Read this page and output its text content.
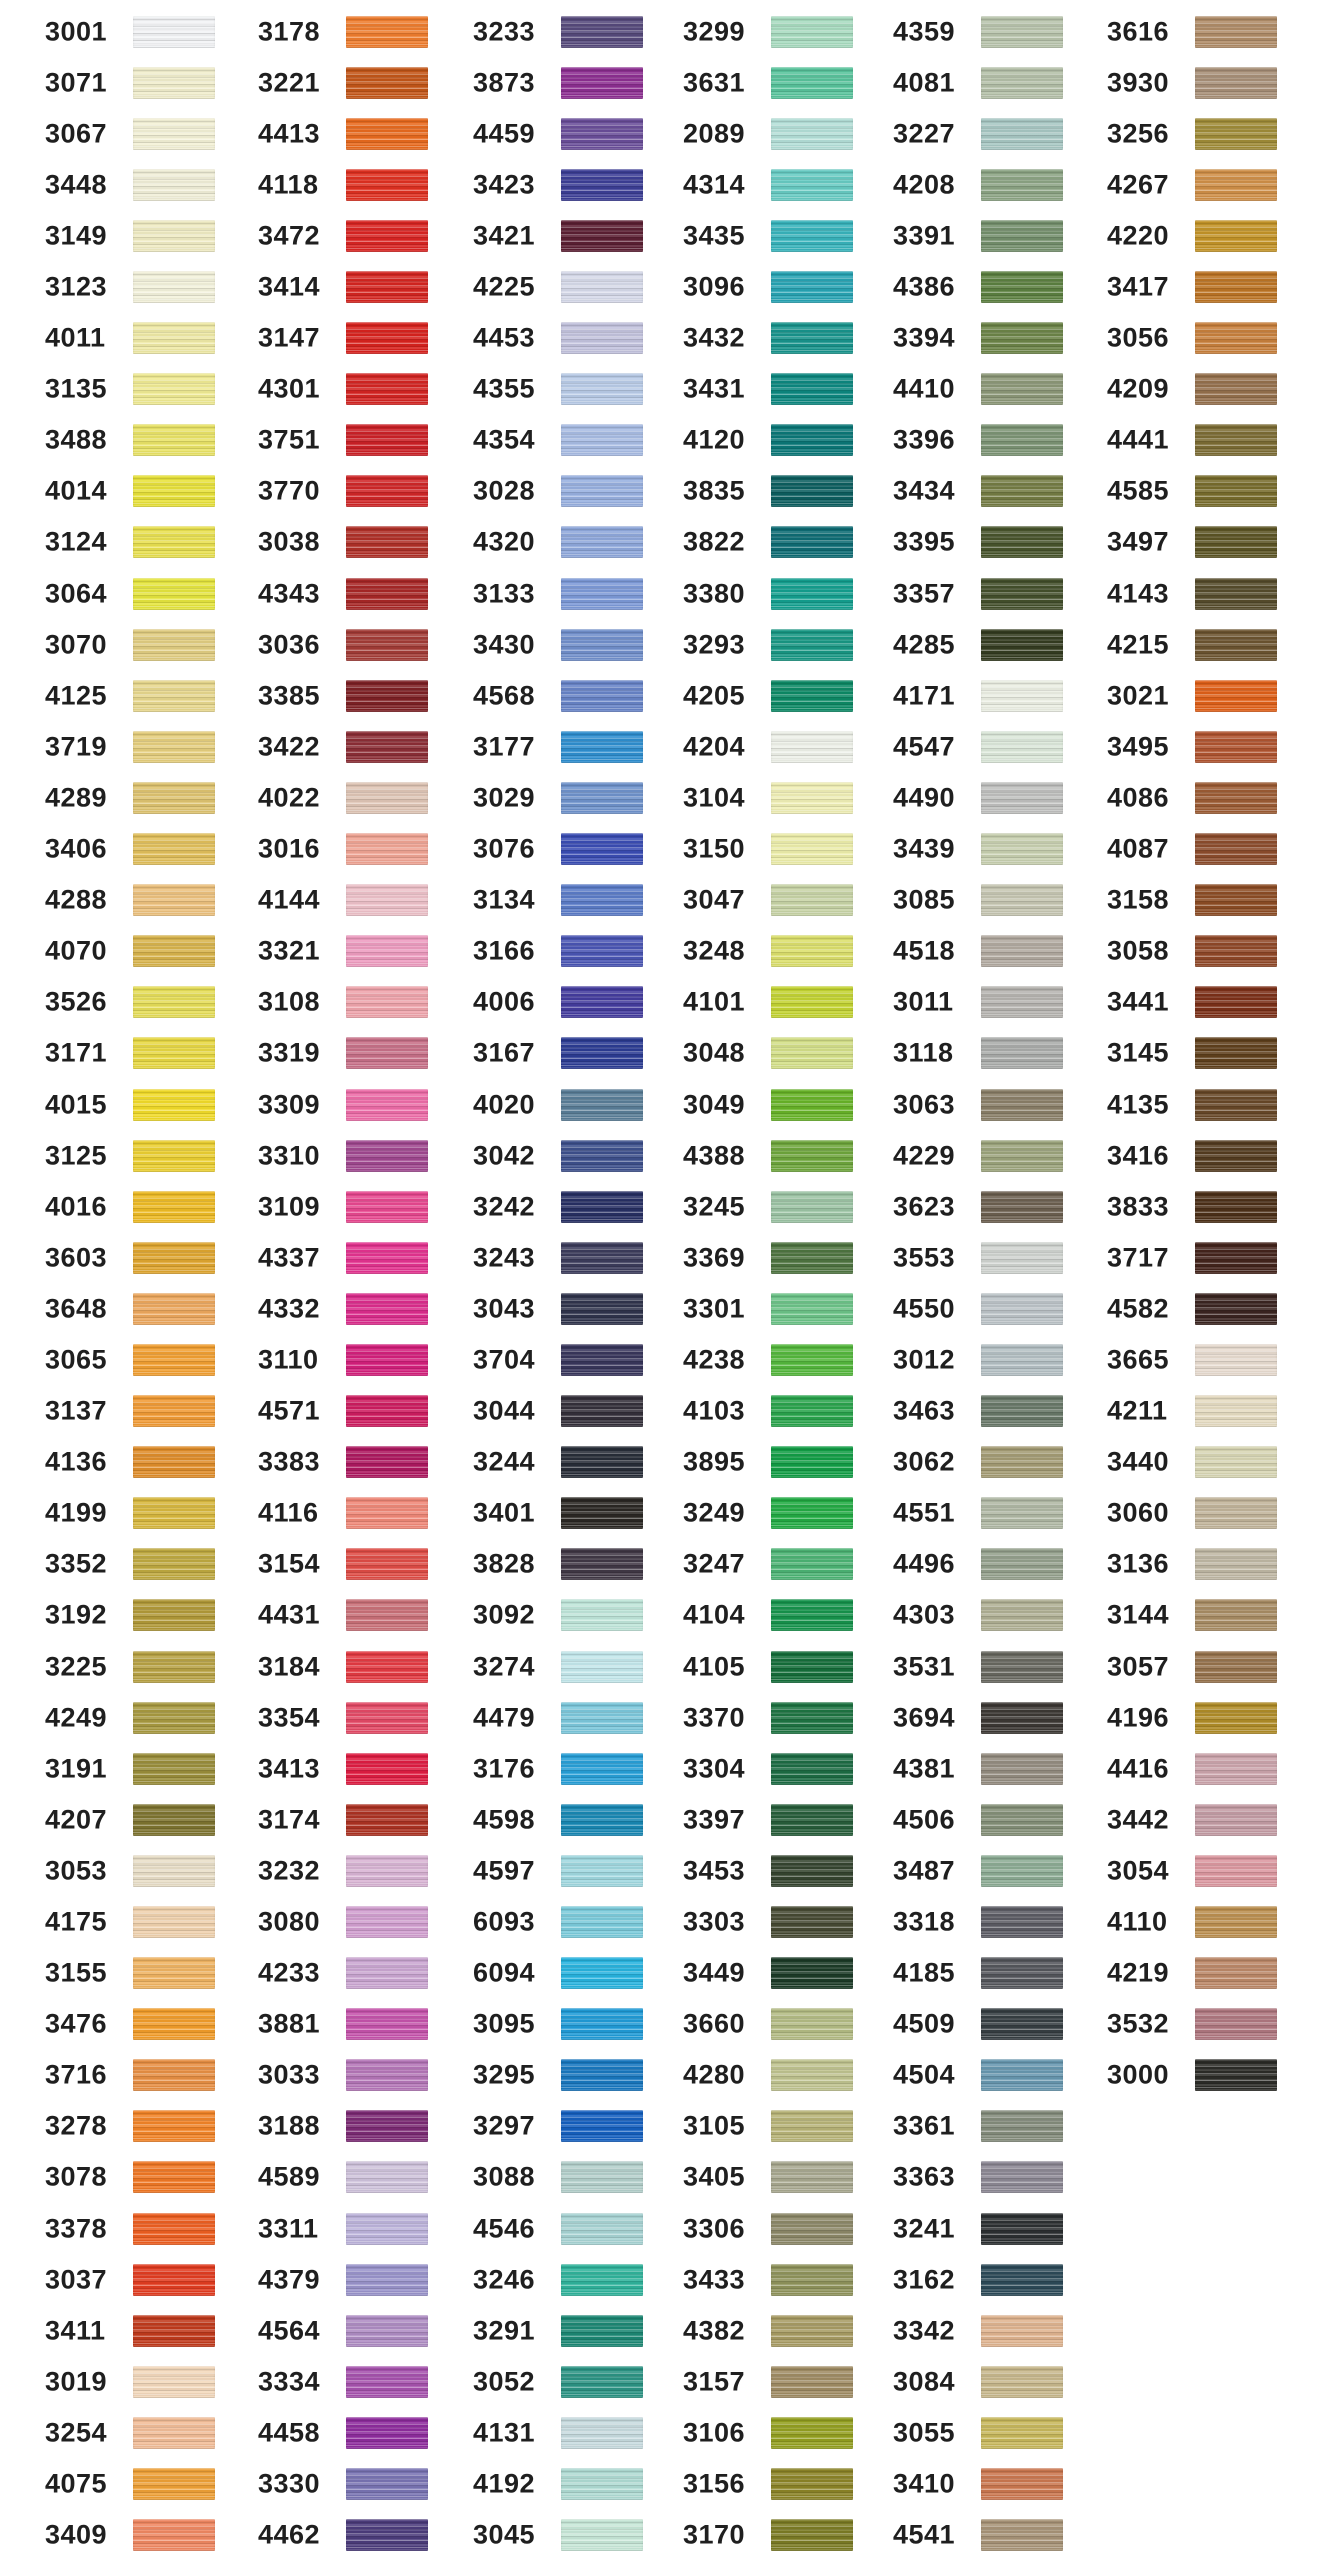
3001
3071
3067
3448
3149
3123
4011
3135
3488
4014
3124
3064
3070
4125
3719
4289
3406
4288
4070
3526
3171
4015
3125
4016
3603
3648
3065
3137
4136
4199
3352
3192
3225
4249
3191
4207
3053
4175
3155
3476
3716
3278
3078
3378
3037
3411
3019
3254
4075
3409
3178
3221
4413
4118
3472
3414
3147
4301
3751
3770
3038
4343
3036
3385
3422
4022
3016
4144
3321
3108
3319
3309
3310
3109
4337
4332
3110
4571
3383
4116
3154
4431
3184
3354
3413
3174
3232
3080
4233
3881
3033
3188
4589
3311
4379
4564
3334
4458
3330
4462
3233
3873
4459
3423
3421
4225
4453
4355
4354
3028
4320
3133
3430
4568
3177
3029
3076
3134
3166
4006
3167
4020
3042
3242
3243
3043
3704
3044
3244
3401
3828
3092
3274
4479
3176
4598
4597
6093
6094
3095
3295
3297
3088
4546
3246
3291
3052
4131
4192
3045
3299
3631
2089
4314
3435
3096
3432
3431
4120
3835
3822
3380
3293
4205
4204
3104
3150
3047
3248
4101
3048
3049
4388
3245
3369
3301
4238
4103
3895
3249
3247
4104
4105
3370
3304
3397
3453
3303
3449
3660
4280
3105
3405
3306
3433
4382
3157
3106
3156
3170
4359
4081
3227
4208
3391
4386
3394
4410
3396
3434
3395
3357
4285
4171
4547
4490
3439
3085
4518
3011
3118
3063
4229
3623
3553
4550
3012
3463
3062
4551
4496
4303
3531
3694
4381
4506
3487
3318
4185
4509
4504
3361
3363
3241
3162
3342
3084
3055
3410
4541
3616
3930
3256
4267
4220
3417
3056
4209
4441
4585
3497
4143
4215
3021
3495
4086
4087
3158
3058
3441
3145
4135
3416
3833
3717
4582
3665
4211
3440
3060
3136
3144
3057
4196
4416
3442
3054
4110
4219
3532
3000
